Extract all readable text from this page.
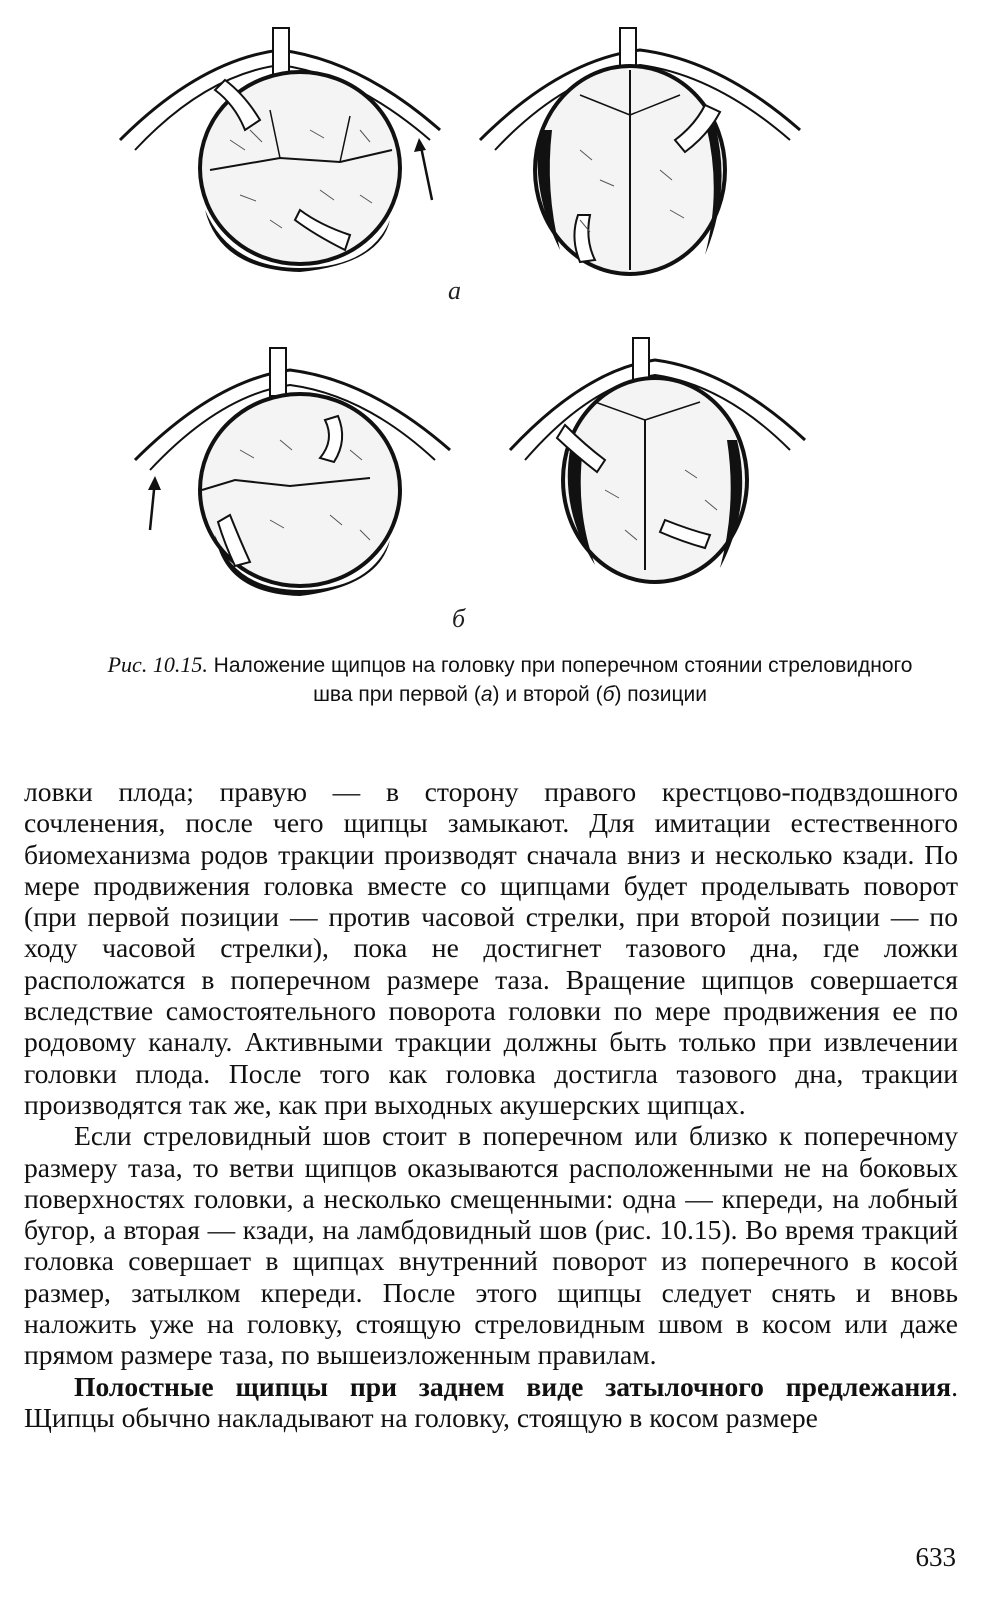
а
б
Рис. 10.15. Наложение щипцов на головку при поперечном стоянии стреловидного
шва при первой (а) и второй (б) позиции

ловки плода; правую — в сторону правого крестцово-подвздошного сочленения, после чего щипцы замыкают. Для имитации естественного биомеханизма родов тракции производят сначала вниз и несколько кзади. По мере продвижения головка вместе со щипцами будет проделывать поворот (при первой позиции — против часовой стрелки, при второй позиции — по ходу часовой стрелки), пока не достигнет тазового дна, где ложки расположатся в поперечном размере таза. Вращение щипцов совершается вследствие самостоятельного поворота головки по мере продвижения ее по родовому каналу. Активными тракции должны быть только при извлечении головки плода. После того как головка достигла тазового дна, тракции производятся так же, как при выходных акушерских щипцах.

Если стреловидный шов стоит в поперечном или близко к поперечному размеру таза, то ветви щипцов оказываются расположенными не на боковых поверхностях головки, а несколько смещенными: одна — кпереди, на лобный бугор, а вторая — кзади, на ламбдовидный шов (рис. 10.15). Во время тракций головка совершает в щипцах внутренний поворот из поперечного в косой размер, затылком кпереди. После этого щипцы следует снять и вновь наложить уже на головку, стоящую стреловидным швом в косом или даже прямом размере таза, по вышеизложенным правилам.

Полостные щипцы при заднем виде затылочного предлежания. Щипцы обычно накладывают на головку, стоящую в косом размере

633
